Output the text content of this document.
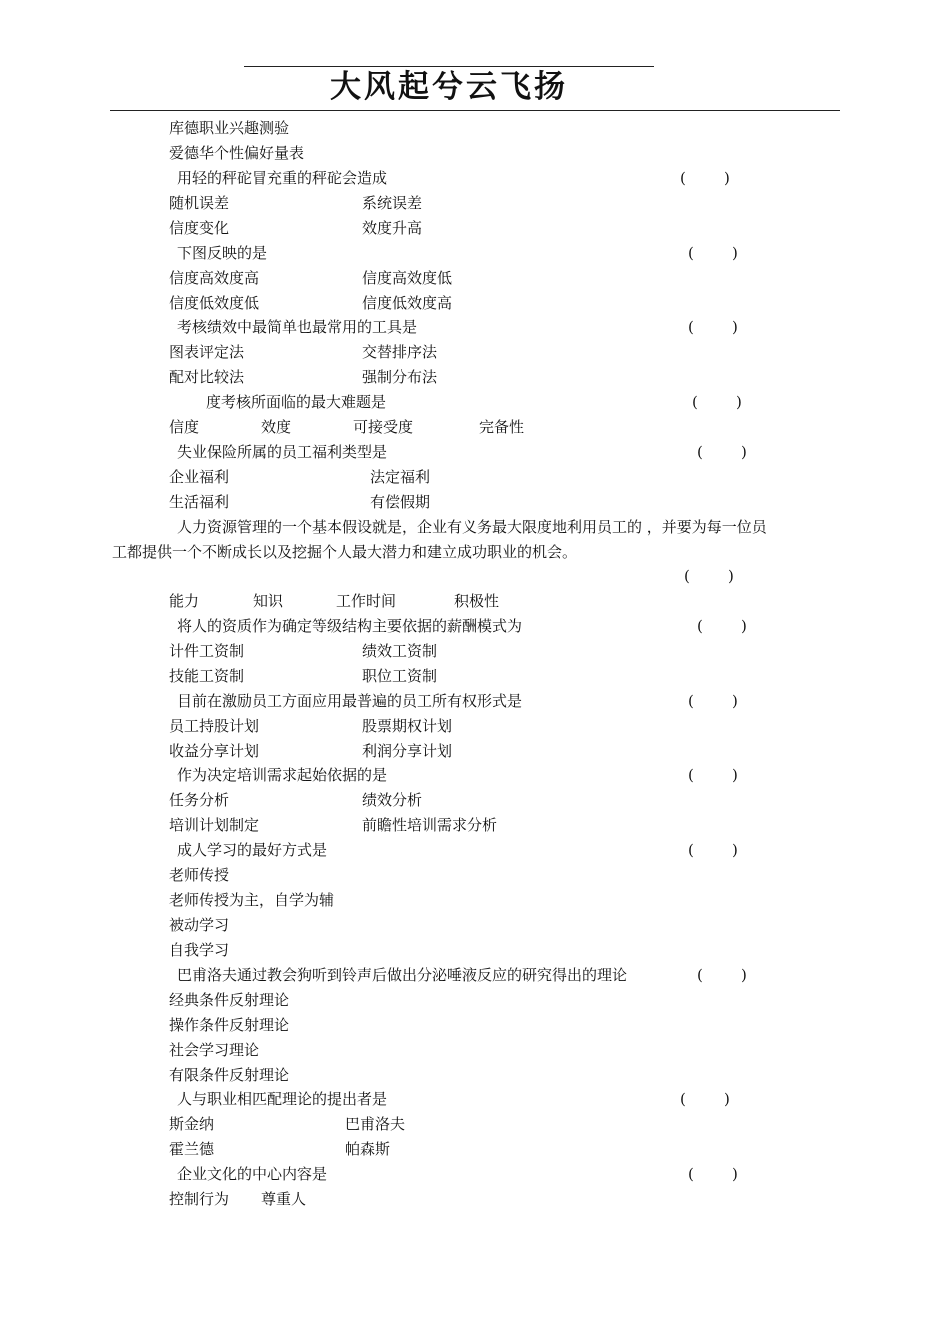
大风起兮云飞扬
库德职业兴趣测验
爱德华个性偏好量表
用轻的秤砣冒充重的秤砣会造成	(        )
随机误差	系统误差
信度变化	效度升高
下图反映的是	(        )
信度高效度高	信度高效度低
信度低效度低	信度低效度高
考核绩效中最简单也最常用的工具是	(        )
图表评定法	交替排序法
配对比较法	强制分布法
度考核所面临的最大难题是	(        )
信度	效度	可接受度	完备性
失业保险所属的员工福利类型是	(        )
企业福利	法定福利
生活福利	有偿假期
人力资源管理的一个基本假设就是，企业有义务最大限度地利用员工的 ，并要为每一位员
工都提供一个不断成长以及挖掘个人最大潜力和建立成功职业的机会。
(        )
能力	知识	工作时间	积极性
将人的资质作为确定等级结构主要依据的薪酬模式为	(        )
计件工资制	绩效工资制
技能工资制	职位工资制
目前在激励员工方面应用最普遍的员工所有权形式是	(        )
员工持股计划	股票期权计划
收益分享计划	利润分享计划
作为决定培训需求起始依据的是	(        )
任务分析	绩效分析
培训计划制定	前瞻性培训需求分析
成人学习的最好方式是	(        )
老师传授
老师传授为主，自学为辅
被动学习
自我学习
巴甫洛夫通过教会狗听到铃声后做出分泌唾液反应的研究得出的理论	(        )
经典条件反射理论
操作条件反射理论
社会学习理论
有限条件反射理论
人与职业相匹配理论的提出者是	(        )
斯金纳	巴甫洛夫
霍兰德	帕森斯
企业文化的中心内容是	(        )
控制行为 尊重人
